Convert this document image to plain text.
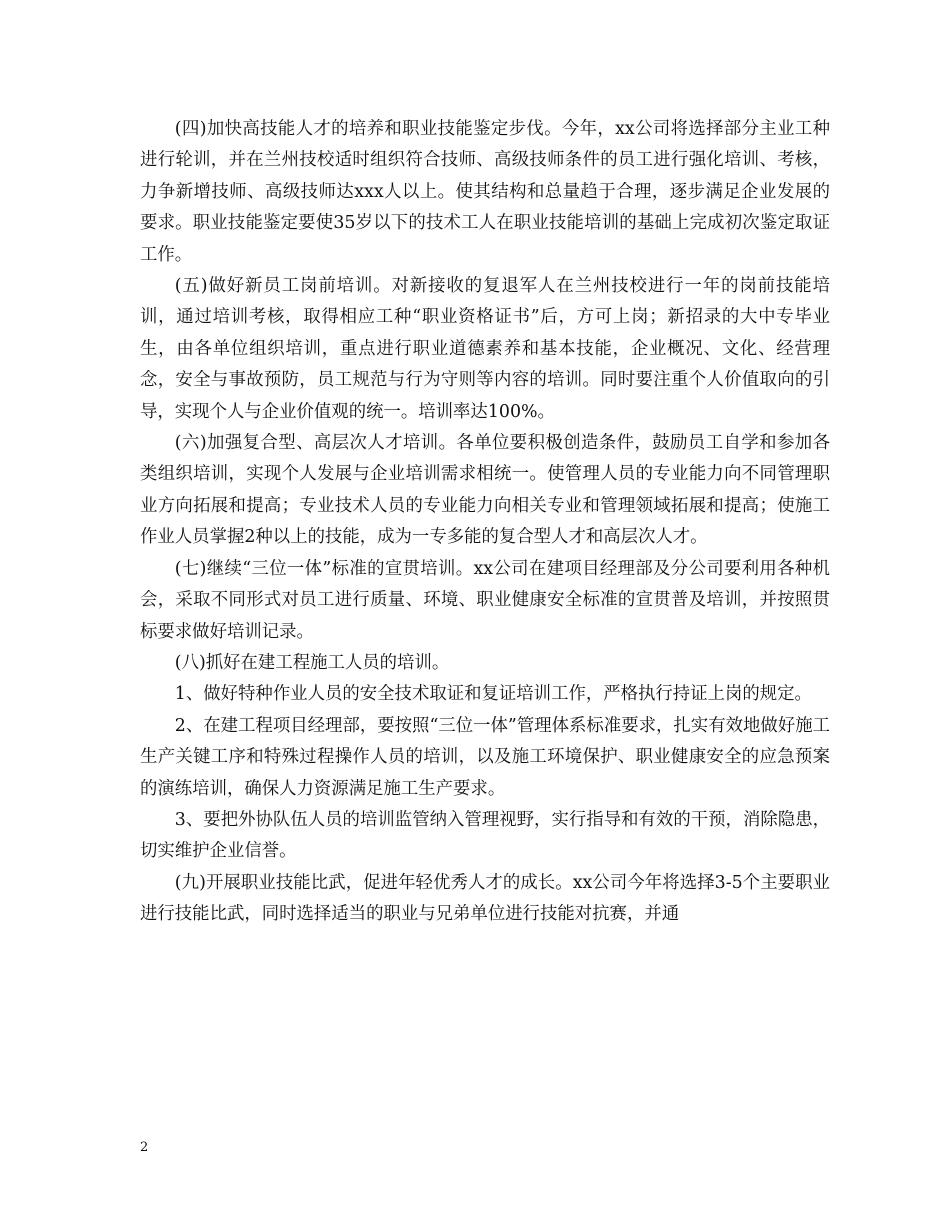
(四)加快高技能人才的培养和职业技能鉴定步伐。今年，xx公司将选择部分主业工种进行轮训，并在兰州技校适时组织符合技师、高级技师条件的员工进行强化培训、考核，力争新增技师、高级技师达xxx人以上。使其结构和总量趋于合理，逐步满足企业发展的要求。职业技能鉴定要使35岁以下的技术工人在职业技能培训的基础上完成初次鉴定取证工作。

(五)做好新员工岗前培训。对新接收的复退军人在兰州技校进行一年的岗前技能培训，通过培训考核，取得相应工种“职业资格证书”后，方可上岗；新招录的大中专毕业生，由各单位组织培训，重点进行职业道德素养和基本技能，企业概况、文化、经营理念，安全与事故预防，员工规范与行为守则等内容的培训。同时要注重个人价值取向的引导，实现个人与企业价值观的统一。培训率达100%。

(六)加强复合型、高层次人才培训。各单位要积极创造条件，鼓励员工自学和参加各类组织培训，实现个人发展与企业培训需求相统一。使管理人员的专业能力向不同管理职业方向拓展和提高；专业技术人员的专业能力向相关专业和管理领域拓展和提高；使施工作业人员掌握2种以上的技能，成为一专多能的复合型人才和高层次人才。

(七)继续“三位一体”标准的宣贯培训。xx公司在建项目经理部及分公司要利用各种机会，采取不同形式对员工进行质量、环境、职业健康安全标准的宣贯普及培训，并按照贯标要求做好培训记录。

(八)抓好在建工程施工人员的培训。

1、做好特种作业人员的安全技术取证和复证培训工作，严格执行持证上岗的规定。

2、在建工程项目经理部，要按照“三位一体”管理体系标准要求，扎实有效地做好施工生产关键工序和特殊过程操作人员的培训，以及施工环境保护、职业健康安全的应急预案的演练培训，确保人力资源满足施工生产要求。

3、要把外协队伍人员的培训监管纳入管理视野，实行指导和有效的干预，消除隐患，切实维护企业信誉。

(九)开展职业技能比武，促进年轻优秀人才的成长。xx公司今年将选择3-5个主要职业进行技能比武，同时选择适当的职业与兄弟单位进行技能对抗赛，并通

2
